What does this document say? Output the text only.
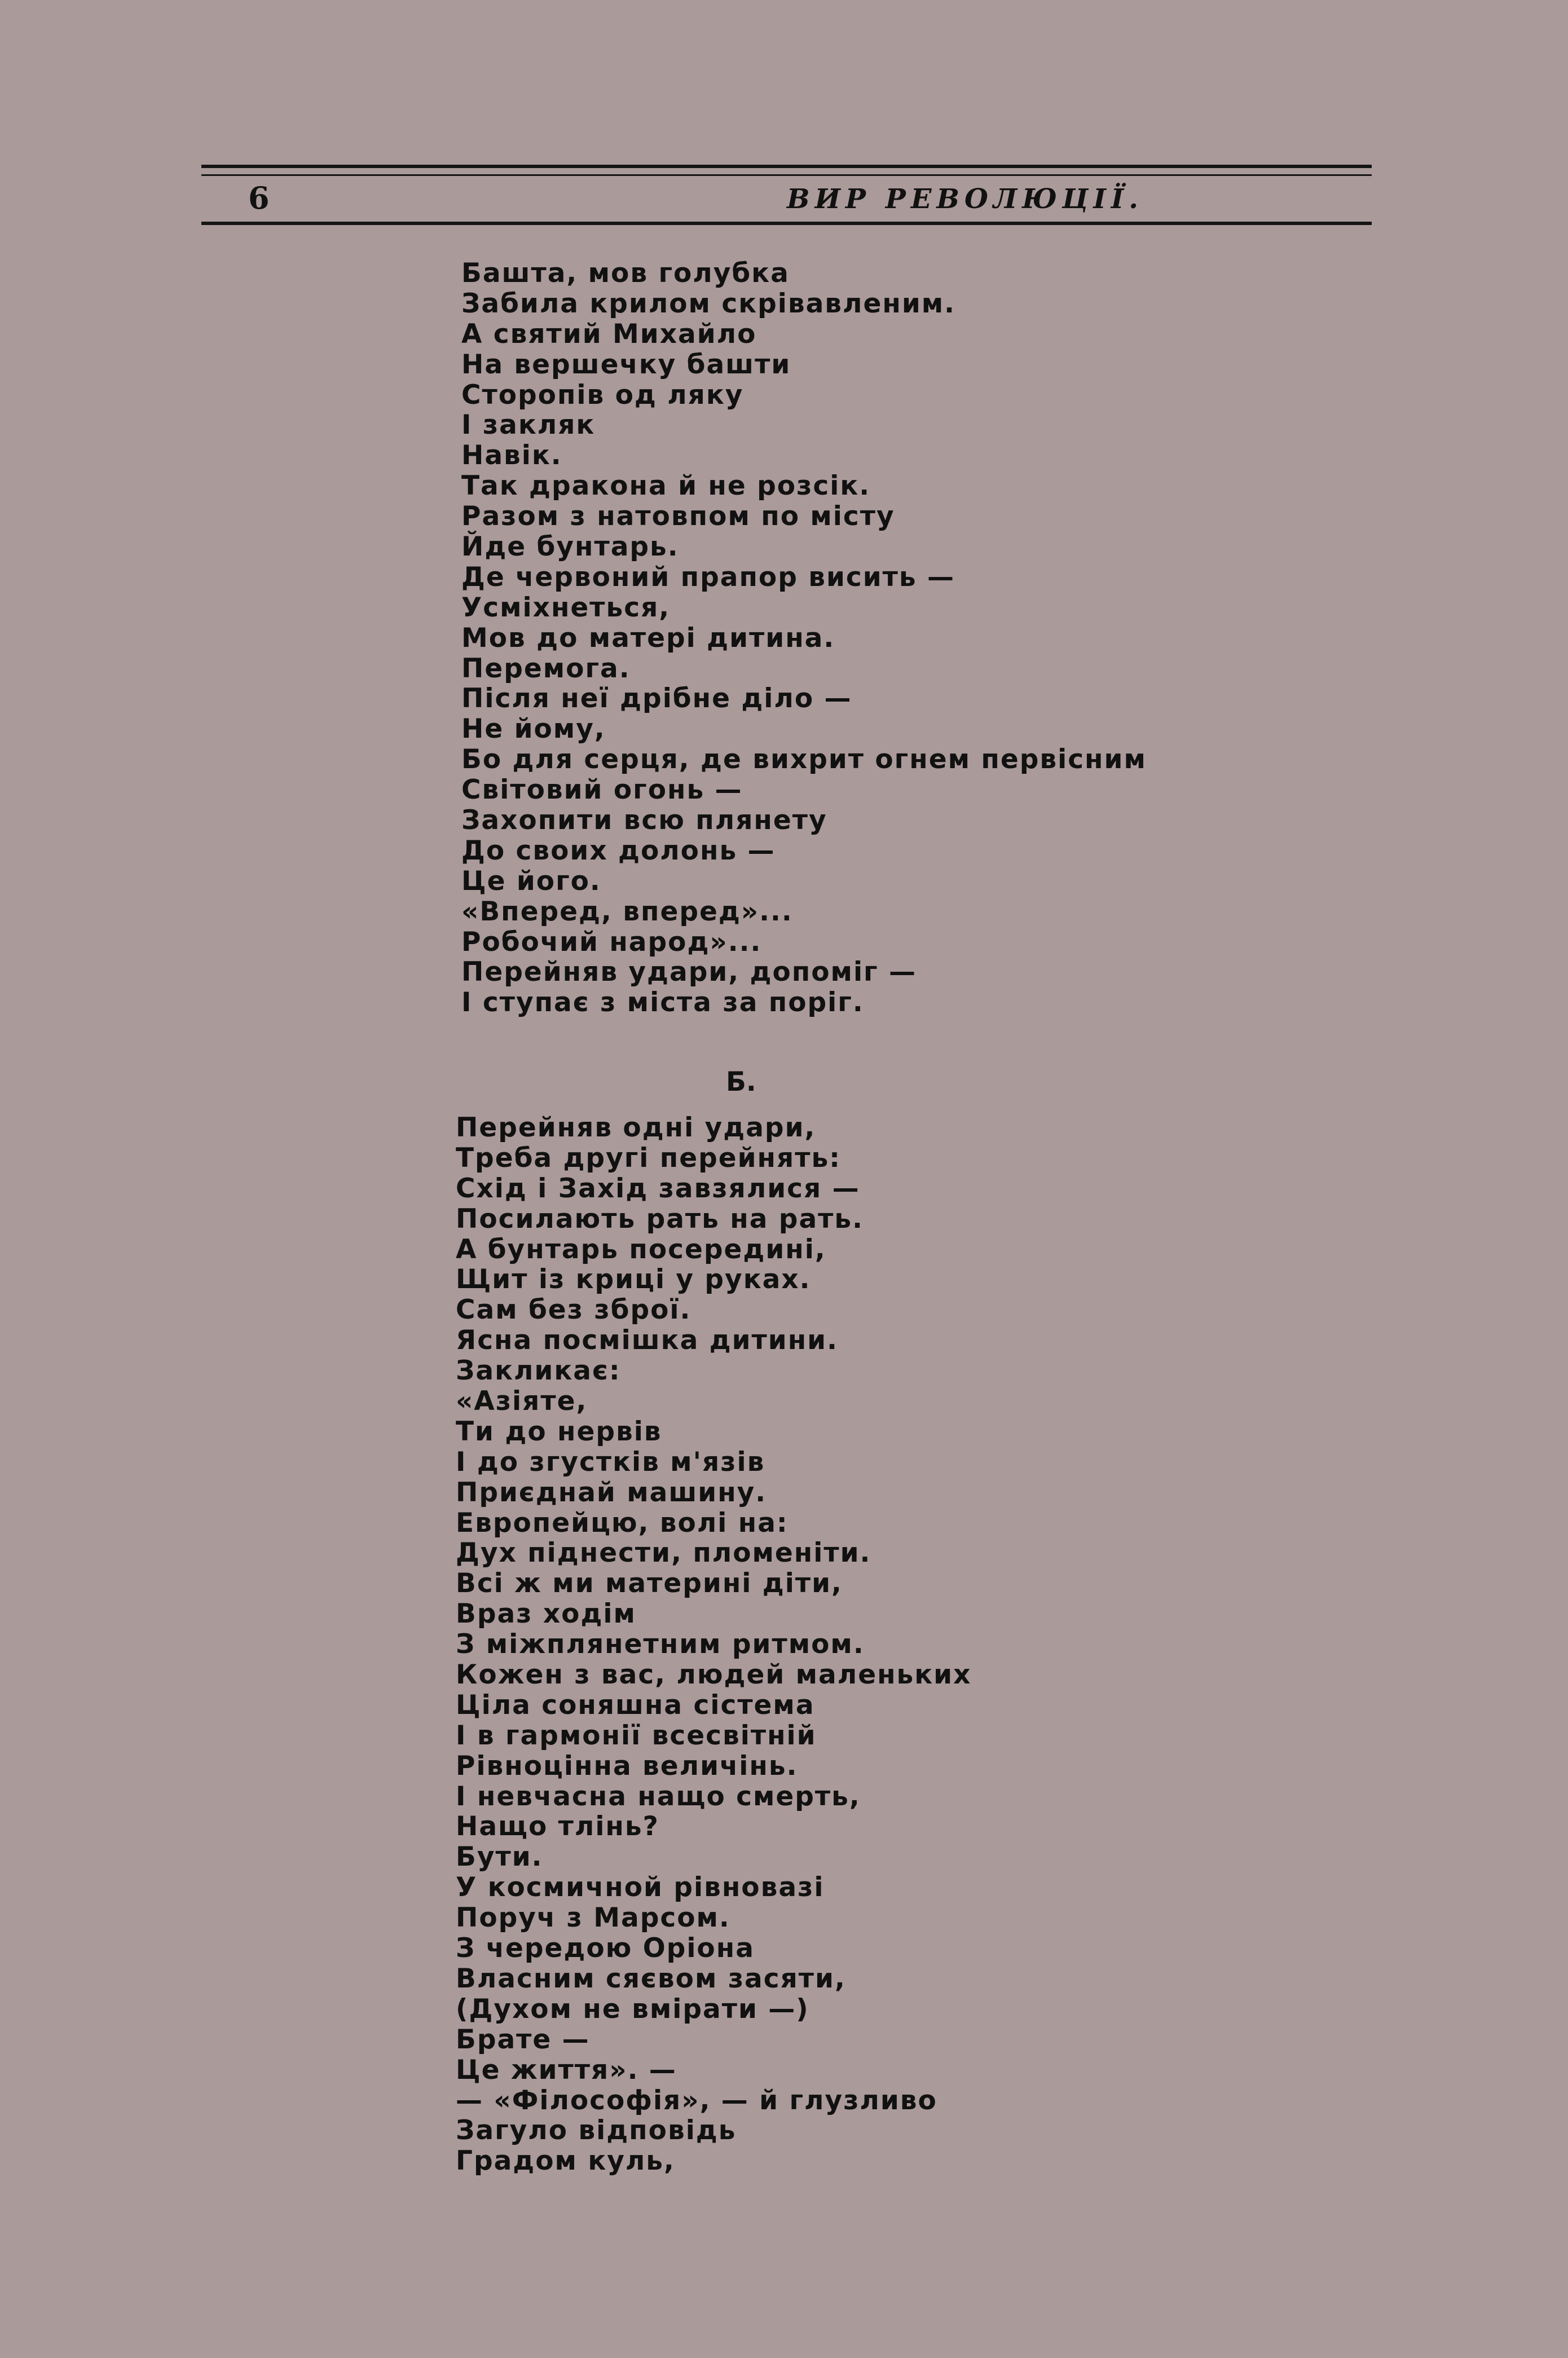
6	ВИР РЕВОЛЮЦІЇ.
Башта, мов голубка
Забила крилом скрівавленим.
А святий Михайло
На вершечку башти
Сторопів од ляку
І закляк
Навік.
Так дракона й не розсік.
Разом з натовпом по місту
Йде бунтарь.
Де червоний прапор висить —
Усміхнеться,
Мов до матері дитина.
Перемога.
Після неї дрібне діло —
Не йому,
Бо для серця, де вихрит огнем первісним
Світовий огонь —
Захопити всю плянету
До своих долонь —
Це його.
«Вперед, вперед»...
Робочий народ»...
Перейняв удари, допоміг —
І ступає з міста за поріг.
Б.
Перейняв одні удари,
Треба другі перейнять:
Схід і Захід завзялися —
Посилають рать на рать.
А бунтарь посередині,
Щит із криці у руках.
Сам без зброї.
Ясна посмішка дитини.
Закликає:
«Азіяте,
Ти до нервів
І до згустків м'язів
Приєднай машину.
Европейцю, волі на:
Дух піднести, пломеніти.
Всі ж ми материні діти,
Враз ходім
З міжплянетним ритмом.
Кожен з вас, людей маленьких
Ціла соняшна сістема
І в гармонії всесвітній
Рівноцінна величінь.
І невчасна нащо смерть,
Нащо тлінь?
Бути.
У космичной рівновазі
Поруч з Марсом.
З чередою Оріона
Власним сяєвом засяти,
(Духом не вмірати —)
Брате —
Це життя». —
— «Філософія», — й глузливо
Загуло відповідь
Градом куль,
